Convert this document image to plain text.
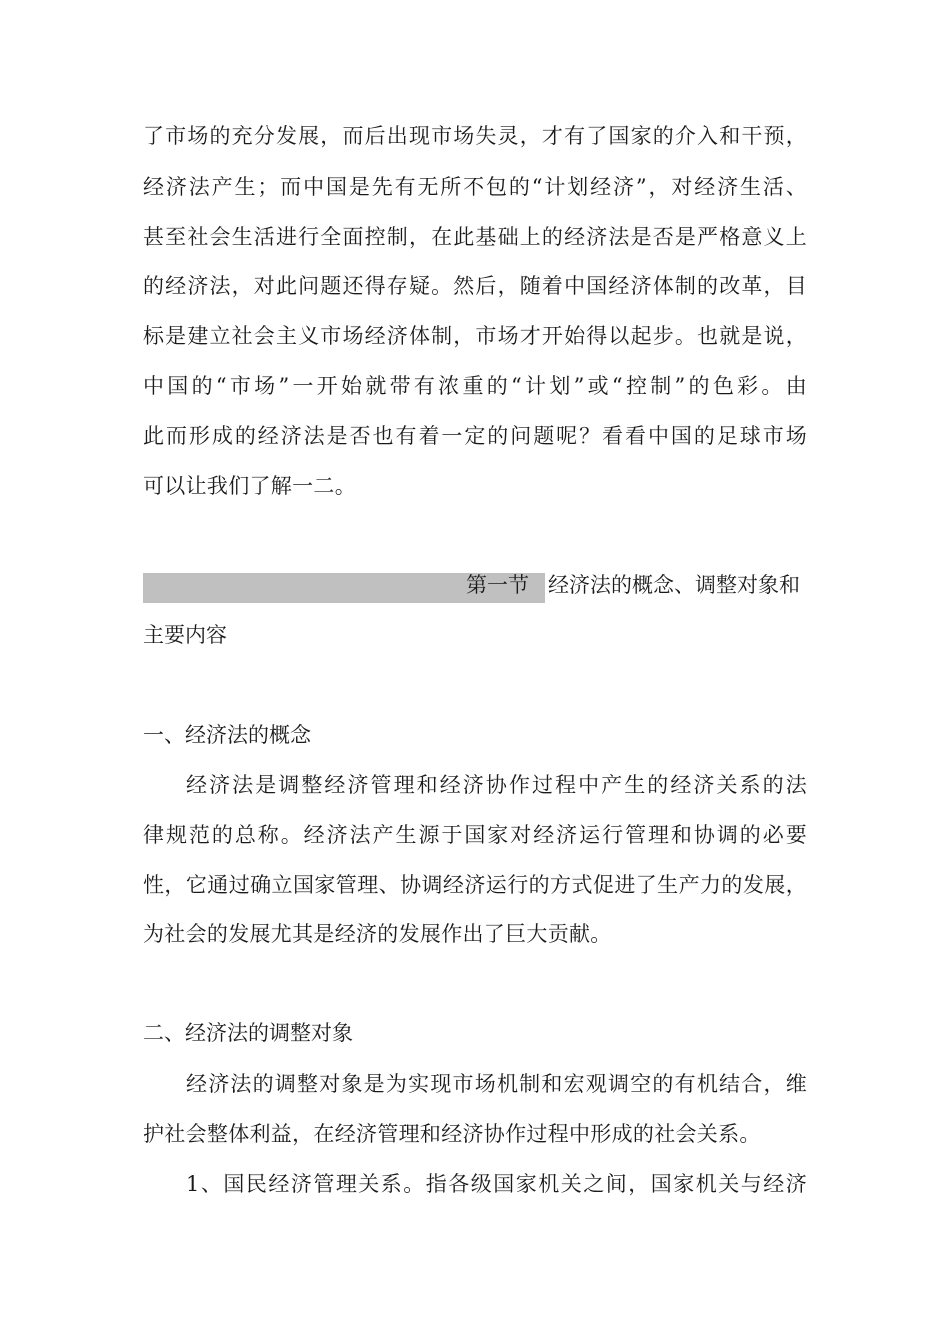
了市场的充分发展，而后出现市场失灵，才有了国家的介入和干预，
经济法产生；而中国是先有无所不包的“计划经济”，对经济生活、
甚至社会生活进行全面控制，在此基础上的经济法是否是严格意义上
的经济法，对此问题还得存疑。然后，随着中国经济体制的改革，目
标是建立社会主义市场经济体制，市场才开始得以起步。也就是说，
中国的“市场”一开始就带有浓重的“计划”或“控制”的色彩。由
此而形成的经济法是否也有着一定的问题呢？看看中国的足球市场
可以让我们了解一二。
第一节 经济法的概念、调整对象和
主要内容
一、经济法的概念
经济法是调整经济管理和经济协作过程中产生的经济关系的法
律规范的总称。经济法产生源于国家对经济运行管理和协调的必要
性，它通过确立国家管理、协调经济运行的方式促进了生产力的发展，
为社会的发展尤其是经济的发展作出了巨大贡献。
二、经济法的调整对象
经济法的调整对象是为实现市场机制和宏观调空的有机结合，维
护社会整体利益，在经济管理和经济协作过程中形成的社会关系。
1、国民经济管理关系。指各级国家机关之间，国家机关与经济
